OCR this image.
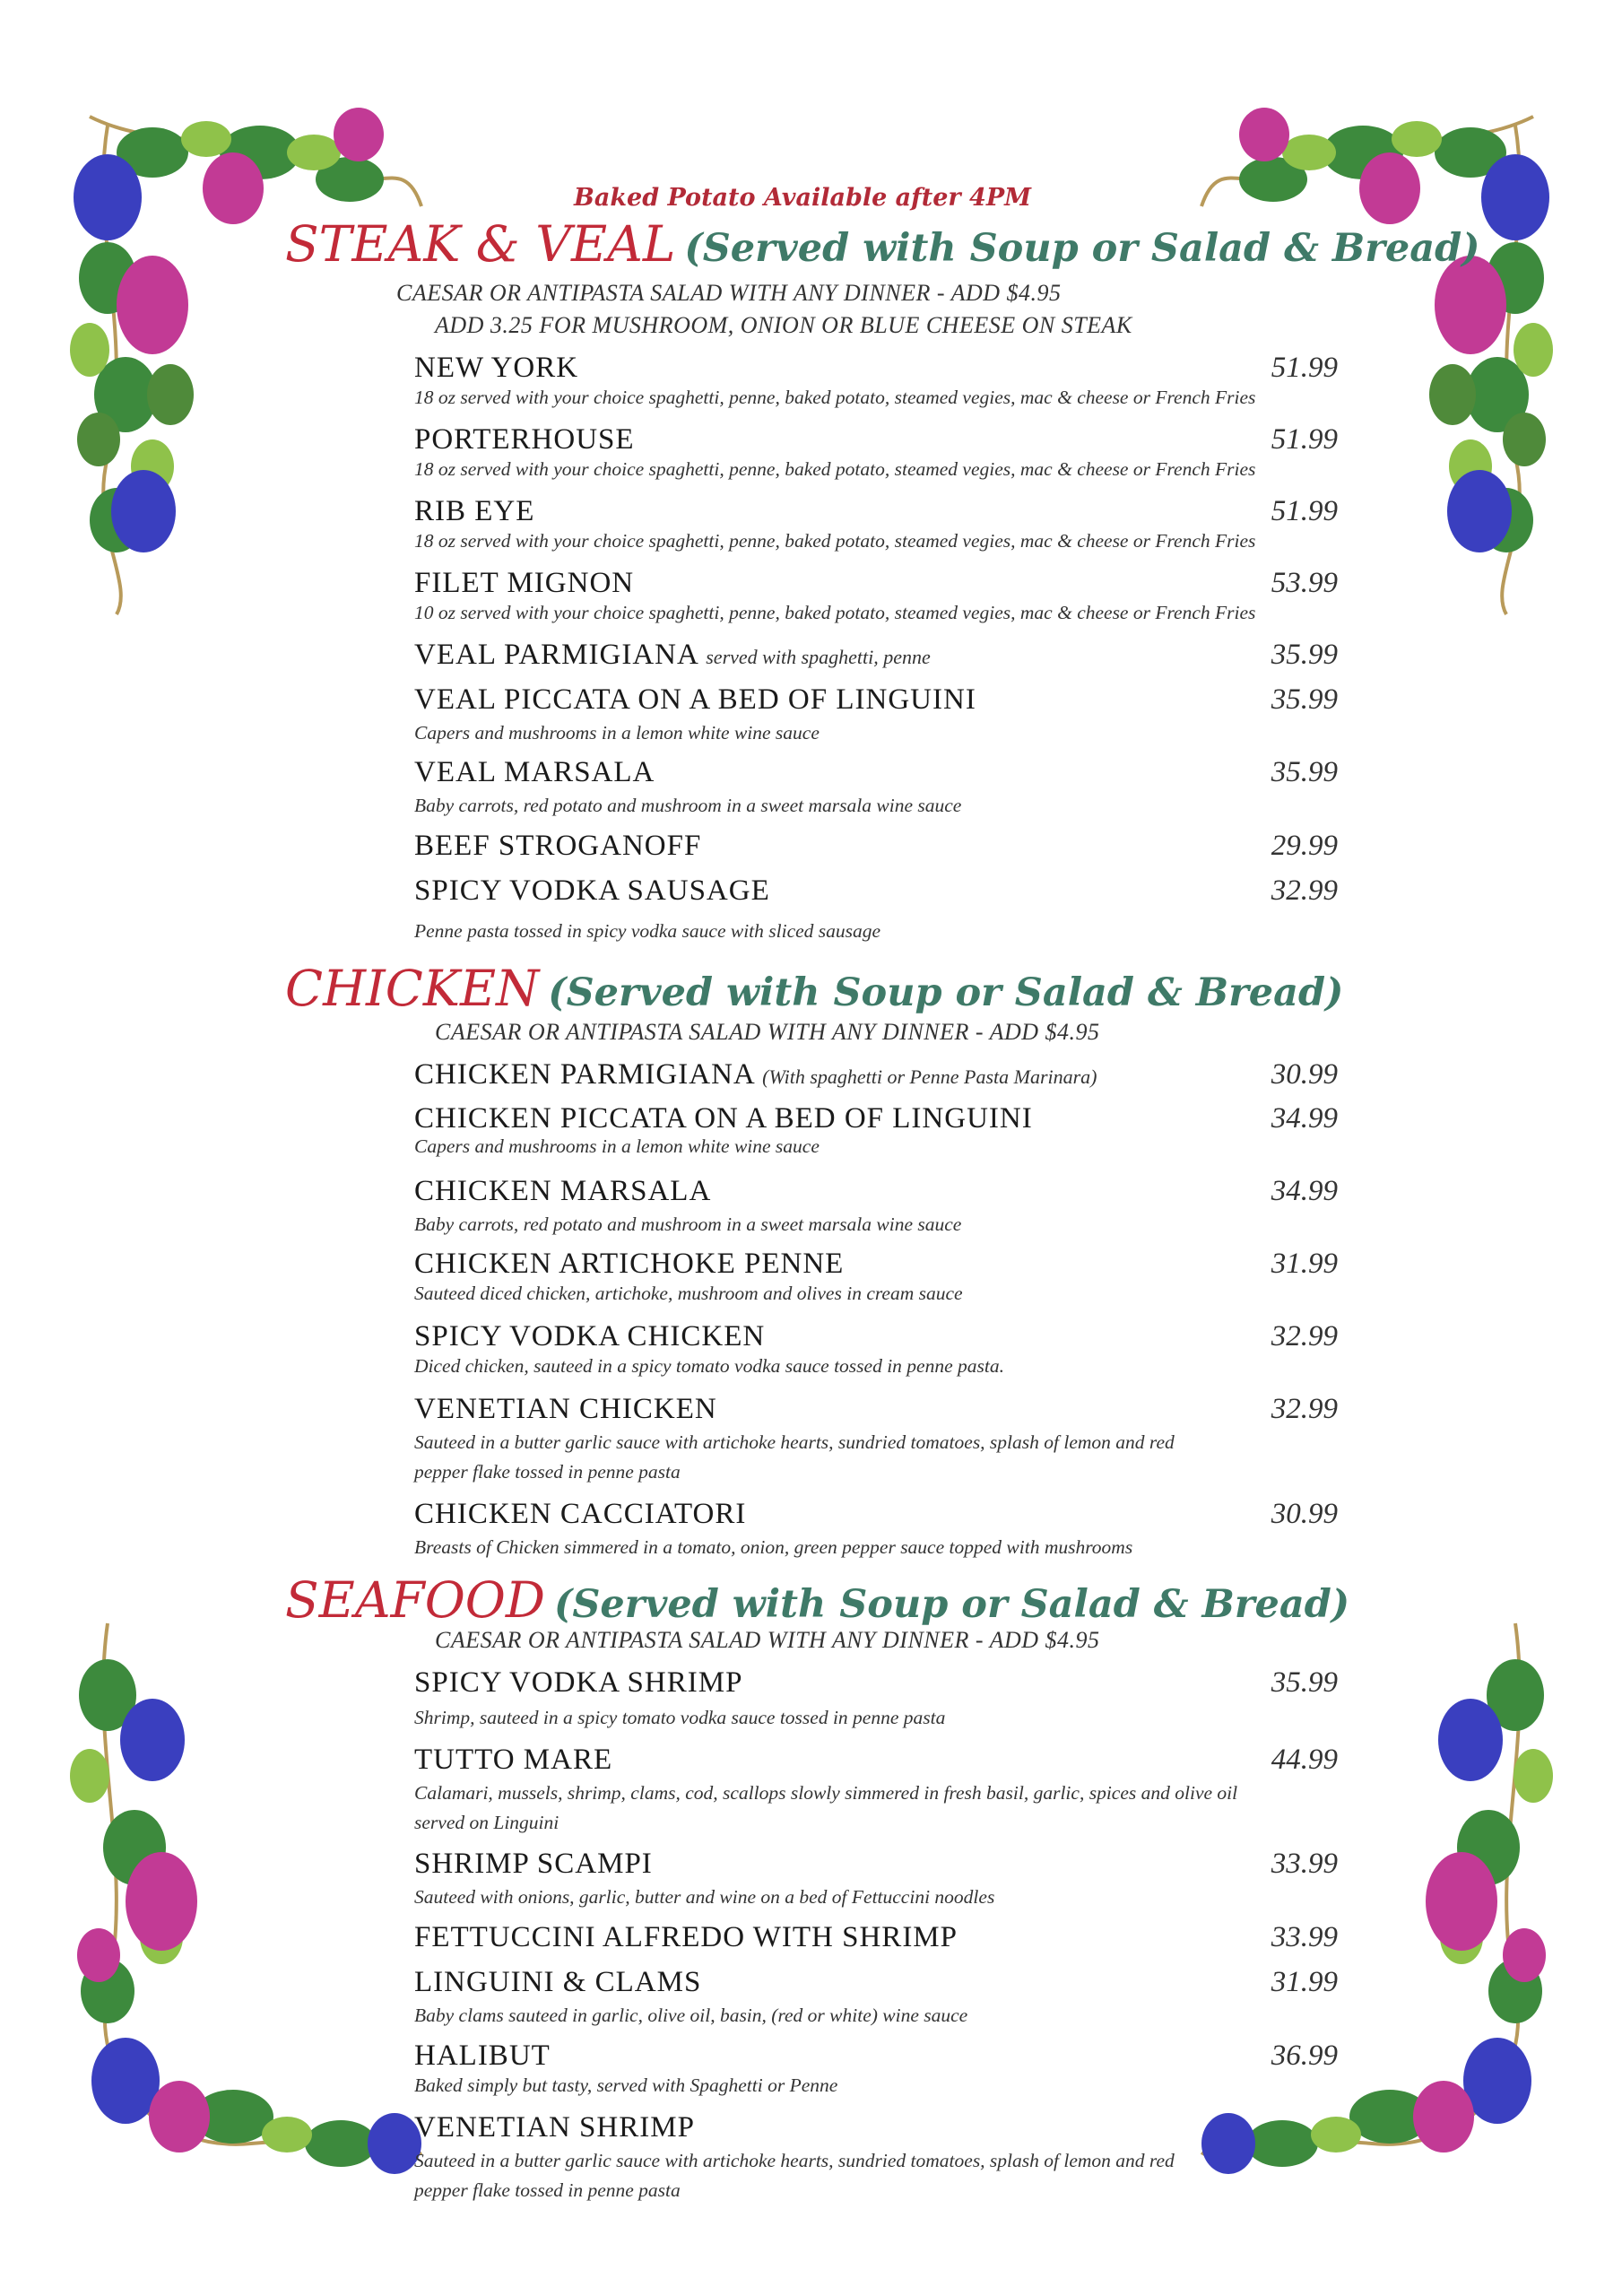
Baked Potato Available after 4PM
STEAK & VEAL (Served with Soup or Salad & Bread)
CAESAR OR ANTIPASTA SALAD WITH ANY DINNER - ADD $4.95
ADD 3.25 FOR MUSHROOM, ONION OR BLUE CHEESE ON STEAK
NEW YORK	51.99
18 oz served with your choice spaghetti, penne, baked potato, steamed vegies, mac & cheese or French Fries
PORTERHOUSE	51.99
18 oz served with your choice spaghetti, penne, baked potato, steamed vegies, mac & cheese or French Fries
RIB EYE	51.99
18 oz served with your choice spaghetti, penne, baked potato, steamed vegies, mac & cheese or French Fries
FILET MIGNON	53.99
10 oz served with your choice spaghetti, penne, baked potato, steamed vegies, mac & cheese or French Fries
VEAL PARMIGIANA served with spaghetti, penne	35.99
VEAL PICCATA ON A BED OF LINGUINI	35.99
Capers and mushrooms in a lemon white wine sauce
VEAL MARSALA	35.99
Baby carrots, red potato and mushroom in a sweet marsala wine sauce
BEEF STROGANOFF	29.99
SPICY VODKA SAUSAGE	32.99
Penne pasta tossed in spicy vodka sauce with sliced sausage
CHICKEN (Served with Soup or Salad & Bread)
CAESAR OR ANTIPASTA SALAD WITH ANY DINNER - ADD $4.95
CHICKEN PARMIGIANA (With spaghetti or Penne Pasta Marinara)	30.99
CHICKEN PICCATA ON A BED OF LINGUINI	34.99
Capers and mushrooms in a lemon white wine sauce
CHICKEN MARSALA	34.99
Baby carrots, red potato and mushroom in a sweet marsala wine sauce
CHICKEN ARTICHOKE PENNE	31.99
Sauteed diced chicken, artichoke, mushroom and olives in cream sauce
SPICY VODKA CHICKEN	32.99
Diced chicken, sauteed in a spicy tomato vodka sauce tossed in penne pasta.
VENETIAN CHICKEN	32.99
Sauteed in a butter garlic sauce with artichoke hearts, sundried tomatoes, splash of lemon and red pepper flake tossed in penne pasta
CHICKEN CACCIATORI	30.99
Breasts of Chicken simmered in a tomato, onion, green pepper sauce topped with mushrooms
SEAFOOD (Served with Soup or Salad & Bread)
CAESAR OR ANTIPASTA SALAD WITH ANY DINNER - ADD $4.95
SPICY VODKA SHRIMP	35.99
Shrimp, sauteed in a spicy tomato vodka sauce tossed in penne pasta
TUTTO MARE	44.99
Calamari, mussels, shrimp, clams, cod, scallops slowly simmered in fresh basil, garlic, spices and olive oil served on Linguini
SHRIMP SCAMPI	33.99
Sauteed with onions, garlic, butter and wine on a bed of Fettuccini noodles
FETTUCCINI ALFREDO WITH SHRIMP	33.99
LINGUINI & CLAMS	31.99
Baby clams sauteed in garlic, olive oil, basin, (red or white) wine sauce
HALIBUT	36.99
Baked simply but tasty, served with Spaghetti or Penne
VENETIAN SHRIMP
Sauteed in a butter garlic sauce with artichoke hearts, sundried tomatoes, splash of lemon and red pepper flake tossed in penne pasta
